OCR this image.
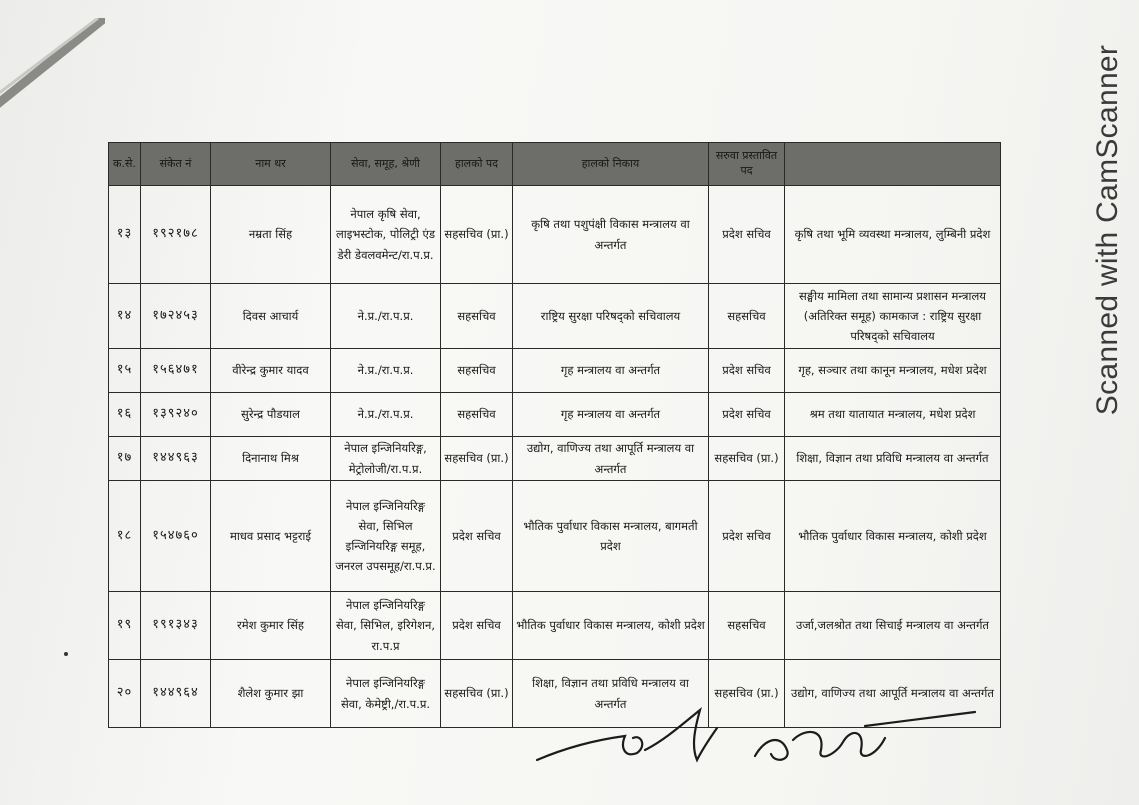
Scanned with CamScanner
क.से.	संकेत नं	नाम थर	सेवा, समूह, श्रेणी	हालको पद	हालको निकाय	सरुवा प्रस्तावित पद	
१३	१९२१७८	नम्रता सिंह	नेपाल कृषि सेवा, लाइभस्टोक, पोलिट्री एंड डेरी डेवलवमेन्ट/रा.प.प्र.	सहसचिव (प्रा.)	कृषि तथा पशुपंक्षी विकास मन्त्रालय वा अन्तर्गत	प्रदेश सचिव	कृषि तथा भूमि व्यवस्था मन्त्रालय, लुम्बिनी प्रदेश
१४	१७२४५३	दिवस आचार्य	ने.प्र./रा.प.प्र.	सहसचिव	राष्ट्रिय सुरक्षा परिषद्को सचिवालय	सहसचिव	सङ्घीय मामिला तथा सामान्य प्रशासन मन्त्रालय (अतिरिक्त समूह) कामकाज : राष्ट्रिय सुरक्षा परिषद्को सचिवालय
१५	१५६४७१	वीरेन्द्र कुमार यादव	ने.प्र./रा.प.प्र.	सहसचिव	गृह मन्त्रालय वा अन्तर्गत	प्रदेश सचिव	गृह, सञ्चार तथा कानून मन्त्रालय, मधेश प्रदेश
१६	१३९२४०	सुरेन्द्र पौडयाल	ने.प्र./रा.प.प्र.	सहसचिव	गृह मन्त्रालय वा अन्तर्गत	प्रदेश सचिव	श्रम तथा यातायात मन्त्रालय, मधेश प्रदेश
१७	१४४९६३	दिनानाथ मिश्र	नेपाल इन्जिनियरिङ्ग, मेट्रोलोजी/रा.प.प्र.	सहसचिव (प्रा.)	उद्योग, वाणिज्य तथा आपूर्ति मन्त्रालय वा अन्तर्गत	सहसचिव (प्रा.)	शिक्षा, विज्ञान तथा प्रविधि मन्त्रालय वा अन्तर्गत
१८	१५४७६०	माधव प्रसाद भट्टराई	नेपाल इन्जिनियरिङ्ग सेवा, सिभिल इन्जिनियरिङ्ग समूह, जनरल उपसमूह/रा.प.प्र.	प्रदेश सचिव	भौतिक पुर्वाधार विकास मन्त्रालय, बागमती प्रदेश	प्रदेश सचिव	भौतिक पुर्वाधार विकास मन्त्रालय, कोशी प्रदेश
१९	१९१३४३	रमेश कुमार सिंह	नेपाल इन्जिनियरिङ्ग सेवा, सिभिल, इरिगेशन, रा.प.प्र	प्रदेश सचिव	भौतिक पुर्वाधार विकास मन्त्रालय, कोशी प्रदेश	सहसचिव	उर्जा,जलश्रोत तथा सिचाई मन्त्रालय वा अन्तर्गत
२०	१४४९६४	शैलेश कुमार झा	नेपाल इन्जिनियरिङ्ग सेवा, केमेष्ट्री,/रा.प.प्र.	सहसचिव (प्रा.)	शिक्षा, विज्ञान तथा प्रविधि मन्त्रालय वा अन्तर्गत	सहसचिव (प्रा.)	उद्योग, वाणिज्य तथा आपूर्ति मन्त्रालय वा अन्तर्गत
